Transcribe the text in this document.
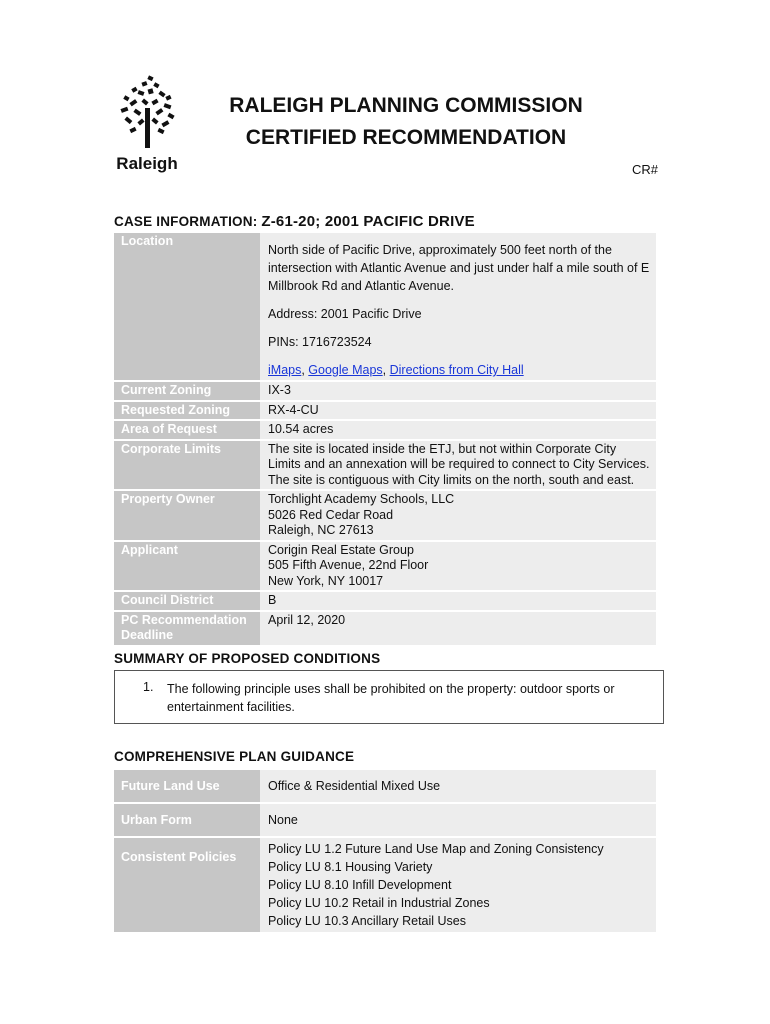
Raleigh
RALEIGH PLANNING COMMISSION
CERTIFIED RECOMMENDATION
CR#
CASE INFORMATION: Z-61-20; 2001 PACIFIC DRIVE
Location	North side of Pacific Drive, approximately 500 feet north of the intersection with Atlantic Avenue and just under half a mile south of E Millbrook Rd and Atlantic Avenue.

Address: 2001 Pacific Drive

PINs: 1716723524

iMaps, Google Maps, Directions from City Hall

Current Zoning	IX-3
Requested Zoning	RX-4-CU
Area of Request	10.54 acres
Corporate Limits	The site is located inside the ETJ, but not within Corporate City Limits and an annexation will be required to connect to City Services. The site is contiguous with City limits on the north, south and east.
Property Owner	Torchlight Academy Schools, LLC
5026 Red Cedar Road
Raleigh, NC 27613

Applicant	Corigin Real Estate Group
505 Fifth Avenue, 22nd Floor
New York, NY 10017

Council District	B
PC Recommendation Deadline	April 12, 2020
SUMMARY OF PROPOSED CONDITIONS
1. The following principle uses shall be prohibited on the property: outdoor sports or entertainment facilities.
COMPREHENSIVE PLAN GUIDANCE
Future Land Use	Office & Residential Mixed Use
Urban Form	None
Consistent Policies	Policy LU 1.2 Future Land Use Map and Zoning Consistency
Policy LU 8.1 Housing Variety
Policy LU 8.10 Infill Development
Policy LU 10.2 Retail in Industrial Zones
Policy LU 10.3 Ancillary Retail Uses
